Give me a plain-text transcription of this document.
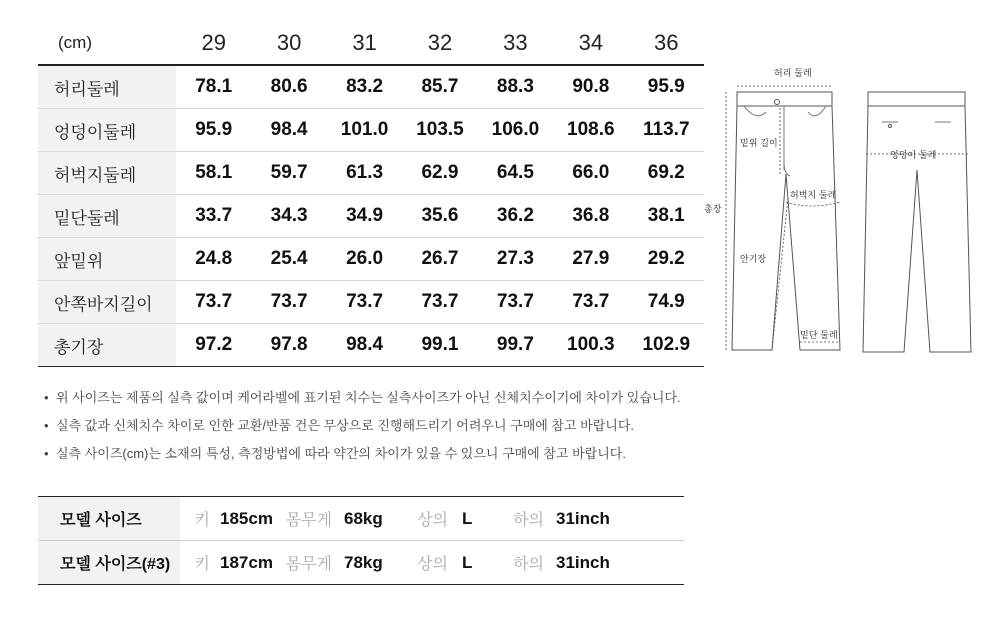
(cm)	29	30	31	32	33	34	36
허리둘레	78.1	80.6	83.2	85.7	88.3	90.8	95.9
엉덩이둘레	95.9	98.4	101.0	103.5	106.0	108.6	113.7
허벅지둘레	58.1	59.7	61.3	62.9	64.5	66.0	69.2
밑단둘레	33.7	34.3	34.9	35.6	36.2	36.8	38.1
앞밑위	24.8	25.4	26.0	26.7	27.3	27.9	29.2
안쪽바지길이	73.7	73.7	73.7	73.7	73.7	73.7	74.9
총기장	97.2	97.8	98.4	99.1	99.7	100.3	102.9
허리 둘레
밑위 길이
총장
허벅지 둘레
안기장
밑단 둘레
엉덩이 둘레
• 위 사이즈는 제품의 실측 값이며 케어라벨에 표기된 치수는 실측사이즈가 아닌 신체치수이기에 차이가 있습니다.
• 실측 값과 신체치수 차이로 인한 교환/반품 건은 무상으로 진행해드리기 어려우니 구매에 참고 바랍니다.
• 실측 사이즈(cm)는 소재의 특성, 측정방법에 따라 약간의 차이가 있을 수 있으니 구매에 참고 바랍니다.
모델 사이즈	키	185cm	몸무게	68kg	상의	L	하의	31inch
모델 사이즈(#3)	키	187cm	몸무게	78kg	상의	L	하의	31inch
